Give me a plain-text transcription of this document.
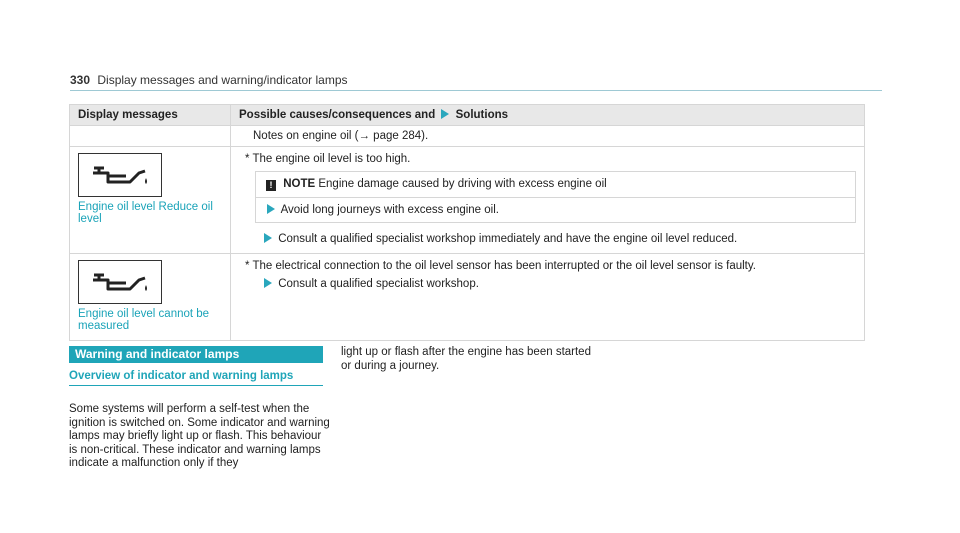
330 Display messages and warning/indicator lamps
Display messages	Possible causes/consequences and Solutions
	Notes on engine oil (→ page 284).

Engine oil level Reduce oil level	* The engine oil level is too high.
! NOTE Engine damage caused by driving with excess engine oil
Avoid long journeys with excess engine oil.
Consult a qualified specialist workshop immediately and have the engine oil level reduced.

Engine oil level cannot be measured	* The electrical connection to the oil level sensor has been interrupted or the oil level sensor is faulty.
Consult a qualified specialist workshop.
Warning and indicator lamps
Overview of indicator and warning lamps
Some systems will perform a self-test when the ignition is switched on. Some indicator and warning lamps may briefly light up or flash. This behaviour is non-critical. These indicator and warning lamps indicate a malfunction only if they
light up or flash after the engine has been started or during a journey.
